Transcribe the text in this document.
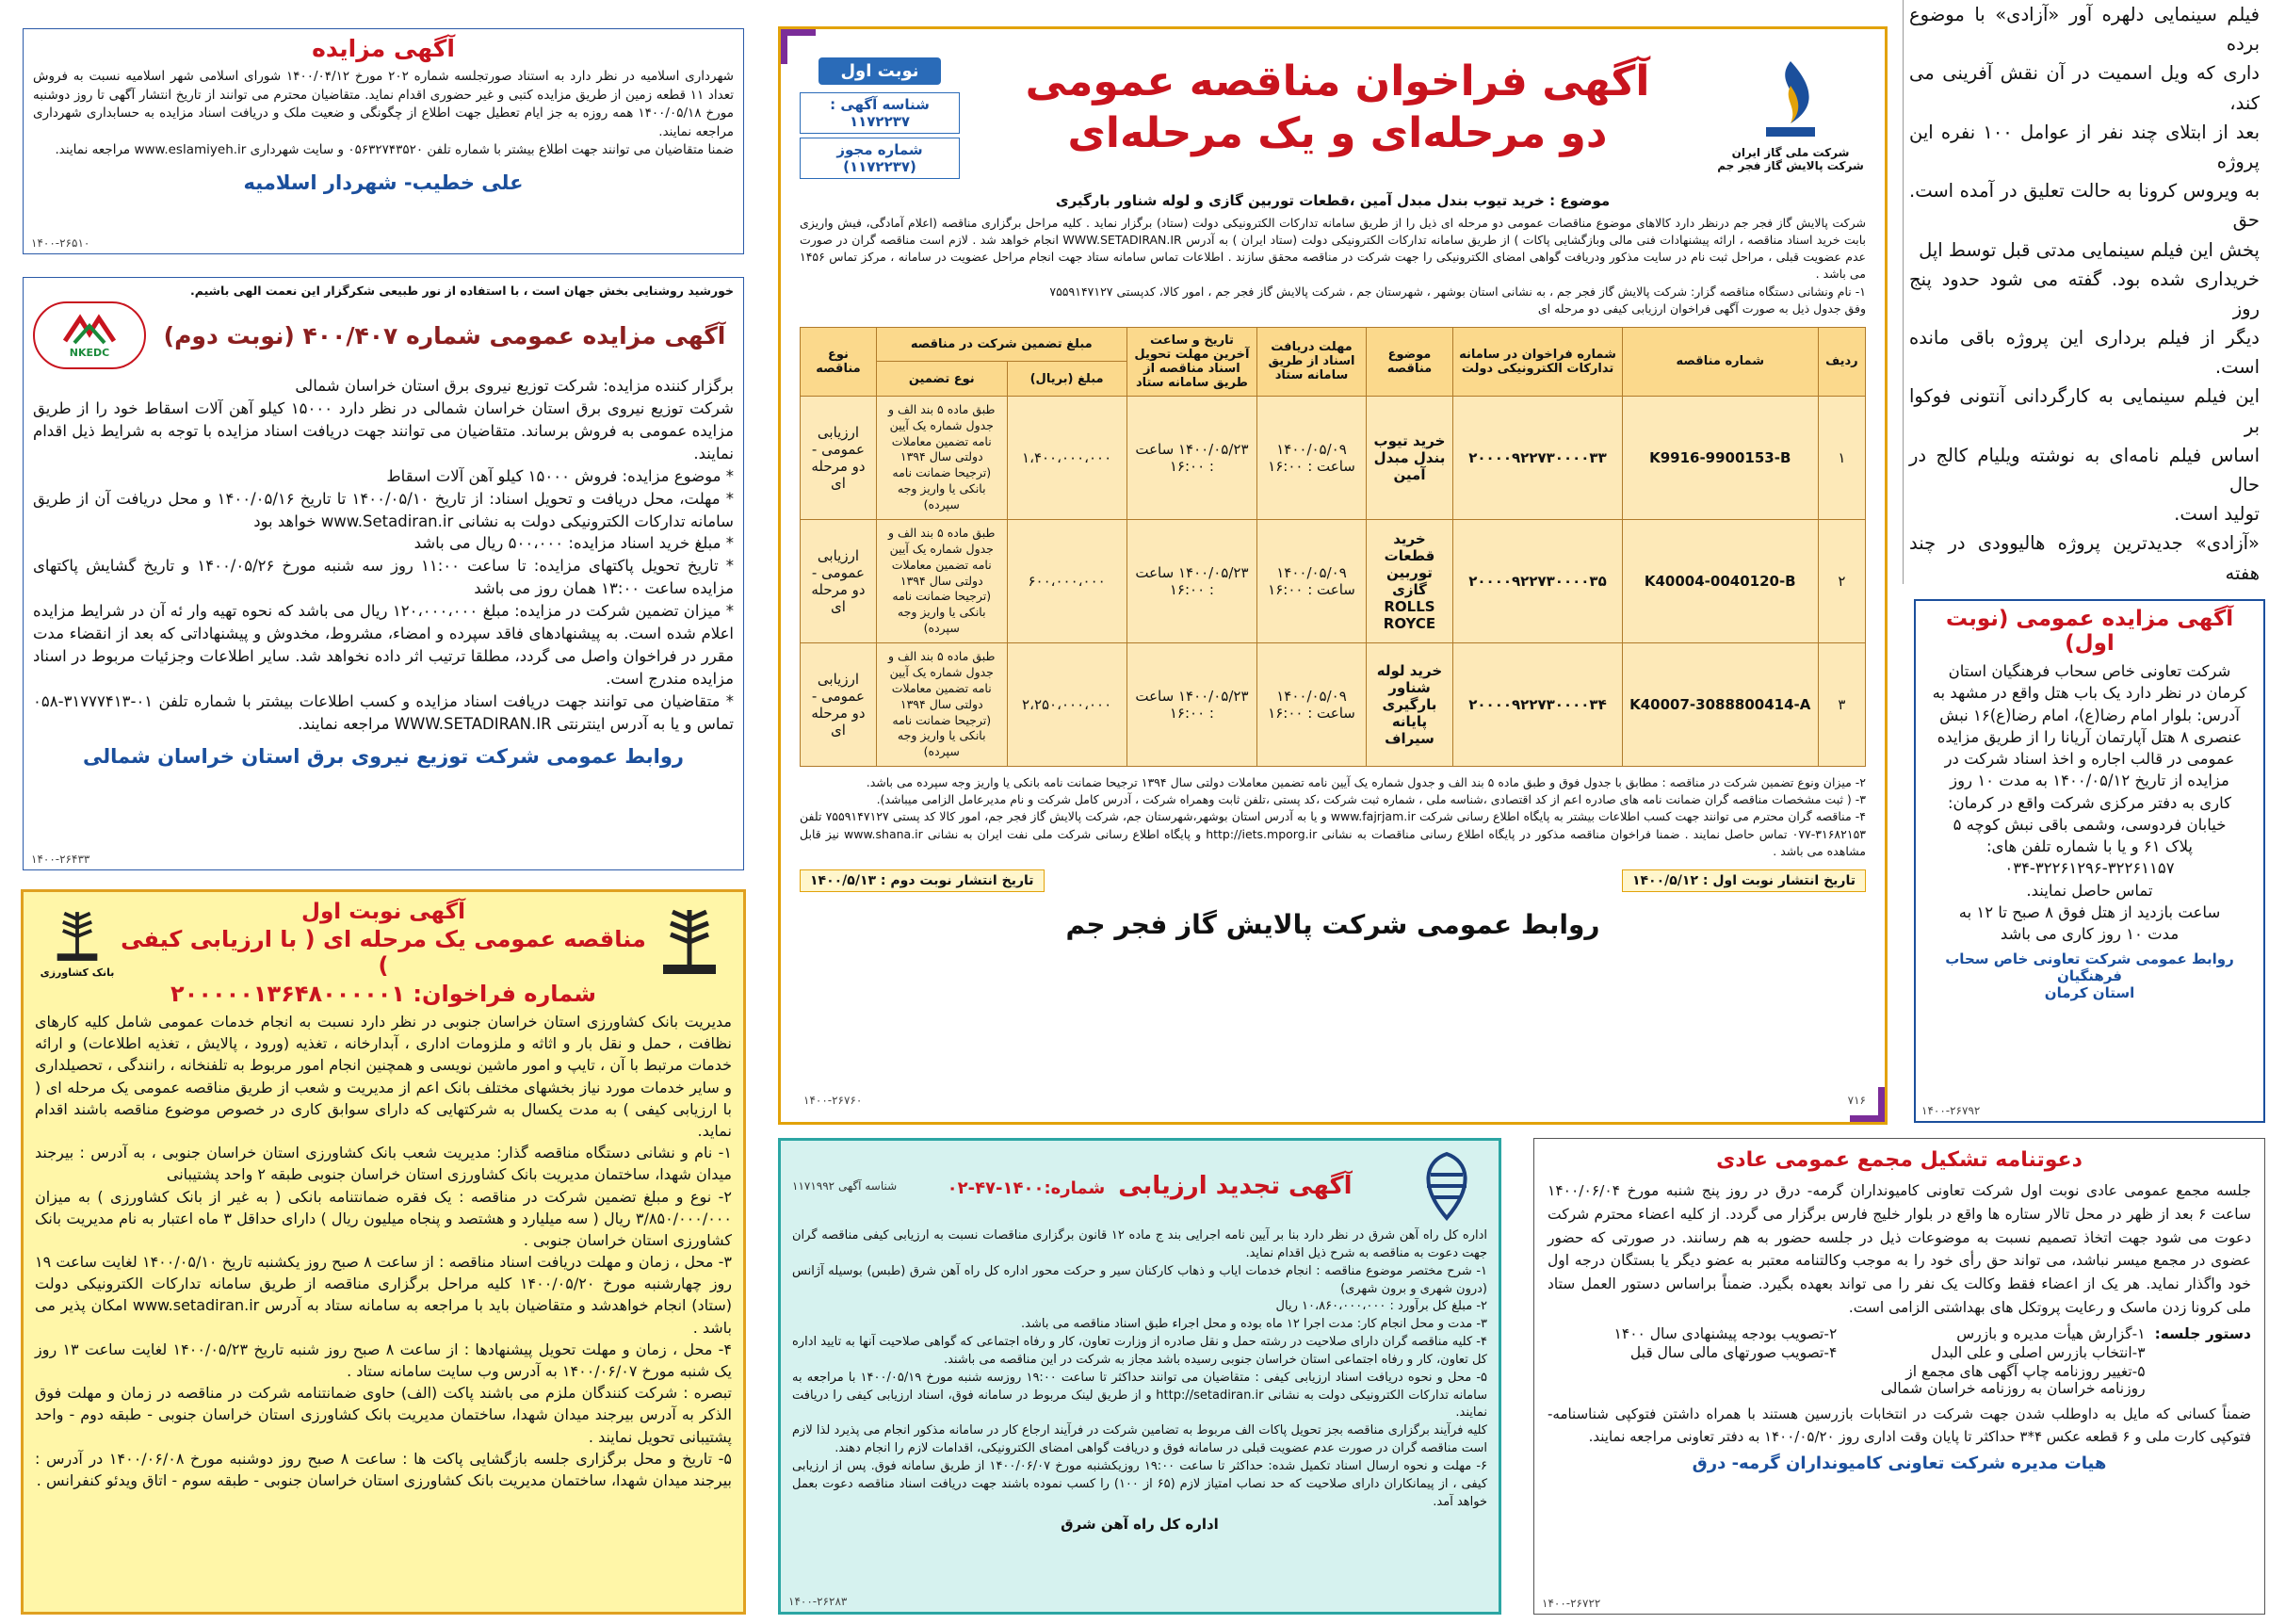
فیلم سینمایی دلهره آور «آزادی» با موضوع برده
داری که ویل اسمیت در آن نقش آفرینی می کند،
بعد از ابتلای چند نفر از عوامل ۱۰۰ نفره این پروژه
به ویروس کرونا به حالت تعلیق در آمده است. حق
پخش این فیلم سینمایی مدتی قبل توسط اپل
خریداری شده بود. گفته می شود حدود پنج روز
دیگر از فیلم برداری این پروژه باقی مانده است.
این فیلم سینمایی به کارگردانی آنتونی فوکوا بر
اساس فیلم نامه‌ای به نوشته ویلیام کالج در حال
تولید است.
«آزادی» جدیدترین پروژه هالیوودی در چند هفته
آگهی مزایده عمومی (نوبت اول)
شرکت تعاونی خاص سحاب فرهنگیان استان
کرمان در نظر دارد یک باب هتل واقع در مشهد به
آدرس: بلوار امام رضا(ع)، امام رضا(ع)۱۶ نبش
عنصری ۸ هتل آپارتمان آریانا را از طریق مزایده
عمومی در قالب اجاره و اخذ اسناد شرکت در
مزایده از تاریخ ۱۴۰۰/۰۵/۱۲ به مدت ۱۰ روز
کاری به دفتر مرکزی شرکت واقع در کرمان:
خیابان فردوسی، وشمی باقی نبش کوچه ۵
پلاک ۶۱ و یا با شماره تلفن های:
۰۳۴-۳۲۲۶۱۲۹۶-۳۲۲۶۱۱۵۷
تماس حاصل نمایند.
ساعت بازدید از هتل فوق ۸ صبح تا ۱۲ به
مدت ۱۰ روز کاری می باشد
روابط عمومی شرکت تعاونی خاص سحاب فرهنگیان
استان کرمان
۱۴۰۰-۲۶۷۹۲
آگهی مزایده

شهرداری اسلامیه در نظر دارد به استناد صورتجلسه شماره ۲۰۲ مورخ ۱۴۰۰/۰۴/۱۲ شورای اسلامی شهر اسلامیه نسبت به فروش تعداد ۱۱ قطعه زمین از طریق مزایده کتبی و غیر حضوری اقدام نماید. متقاضیان محترم می توانند از تاریخ انتشار آگهی تا روز دوشنبه مورخ ۱۴۰۰/۰۵/۱۸ همه روزه به جز ایام تعطیل جهت اطلاع از چگونگی و ضعیت ملک و دریافت اسناد مزایده به حسابداری شهرداری مراجعه نمایند.

ضمنا متقاضیان می توانند جهت اطلاع بیشتر با شماره تلفن ۰۵۶۳۲۷۴۳۵۲۰ و سایت شهرداری www.eslamiyeh.ir مراجعه نمایند.

علی خطیب- شهردار اسلامیه
۱۴۰۰-۲۶۵۱۰
خورشید روشنایی بخش جهان است ، با استفاده از نور طبیعی شکرگزار این نعمت الهی باشیم.
آگهی مزایده عمومی شماره ۴۰۰/۴۰۷ (نوبت دوم)
NKEDC

برگزار کننده مزایده: شرکت توزیع نیروی برق استان خراسان شمالی

شرکت توزیع نیروی برق استان خراسان شمالی در نظر دارد ۱۵۰۰۰ کیلو آهن آلات اسقاط خود را از طریق مزایده عمومی به فروش برساند. متقاضیان می توانند جهت دریافت اسناد مزایده با توجه به شرایط ذیل اقدام نمایند.

* موضوع مزایده: فروش ۱۵۰۰۰ کیلو آهن آلات اسقاط

* مهلت، محل دریافت و تحویل اسناد: از تاریخ ۱۴۰۰/۰۵/۱۰ تا تاریخ ۱۴۰۰/۰۵/۱۶ و محل دریافت آن از طریق سامانه تدارکات الکترونیکی دولت به نشانی www.Setadiran.ir خواهد بود

* مبلغ خرید اسناد مزایده: ۵۰۰،۰۰۰ ریال می باشد

* تاریخ تحویل پاکتهای مزایده: تا ساعت ۱۱:۰۰ روز سه شنبه مورخ ۱۴۰۰/۰۵/۲۶ و تاریخ گشایش پاکتهای مزایده ساعت ۱۳:۰۰ همان روز می باشد

* میزان تضمین شرکت در مزایده: مبلغ ۱۲۰،۰۰۰،۰۰۰ ریال می باشد که نحوه تهیه وار ئه آن در شرایط مزایده اعلام شده است. به پیشنهادهای فاقد سپرده و امضاء، مشروط، مخدوش و پیشنهاداتی که بعد از انقضاء مدت مقرر در فراخوان واصل می گردد، مطلقا ترتیب اثر داده نخواهد شد. سایر اطلاعات وجزئیات مربوط در اسناد مزایده مندرج است.

* متقاضیان می توانند جهت دریافت اسناد مزایده و کسب اطلاعات بیشتر با شماره تلفن ۰۱-۳۱۷۷۷۴۱۳-۰۵۸ تماس و یا به آدرس اینترنتی WWW.SETADIRAN.IR مراجعه نمایند.

روابط عمومی شرکت توزیع نیروی برق استان خراسان شمالی
۱۴۰۰-۲۶۴۳۳
آگهی نوبت اول
مناقصه عمومی یک مرحله ای ( با ارزیابی کیفی )
شماره فراخوان: ۲۰۰۰۰۰۱۳۶۴۸۰۰۰۰۰۱
بانک کشاورزی

مدیریت بانک کشاورزی استان خراسان جنوبی در نظر دارد نسبت به انجام خدمات عمومی شامل کلیه کارهای نظافت ، حمل و نقل بار و اثاثه و ملزومات اداری ، آبدارخانه ، تغذیه (ورود ، پالایش ، تغذیه اطلاعات) و ارائه خدمات مرتبط با آن ، تایپ و امور ماشین نویسی و همچنین انجام امور مربوط به تلفنخانه ، رانندگی ، تحصیلداری و سایر خدمات مورد نیاز بخشهای مختلف بانک اعم از مدیریت و شعب از طریق مناقصه عمومی یک مرحله ای ( با ارزیابی کیفی ) به مدت یکسال به شرکتهایی که دارای سوابق کاری در خصوص موضوع مناقصه باشند اقدام نماید.

۱- نام و نشانی دستگاه مناقصه گذار: مدیریت شعب بانک کشاورزی استان خراسان جنوبی ، به آدرس : بیرجند میدان شهدا، ساختمان مدیریت بانک کشاورزی استان خراسان جنوبی طبقه ۲ واحد پشتیبانی

۲- نوع و مبلغ تضمین شرکت در مناقصه : یک فقره ضمانتنامه بانکی ( به غیر از بانک کشاورزی ) به میزان ۳/۸۵۰/۰۰۰/۰۰۰ ریال ( سه میلیارد و هشتصد و پنجاه میلیون ریال ) دارای حداقل ۳ ماه اعتبار به نام مدیریت بانک کشاورزی استان خراسان جنوبی .

۳- محل ، زمان و مهلت دریافت اسناد مناقصه : از ساعت ۸ صبح روز یکشنبه تاریخ ۱۴۰۰/۰۵/۱۰ لغایت ساعت ۱۹ روز چهارشنبه مورخ ۱۴۰۰/۰۵/۲۰ کلیه مراحل برگزاری مناقصه از طریق سامانه تدارکات الکترونیکی دولت (ستاد) انجام خواهدشد و متقاضیان باید با مراجعه به سامانه ستاد به آدرس www.setadiran.ir امکان پذیر می باشد .

۴- محل ، زمان و مهلت تحویل پیشنهادها : از ساعت ۸ صبح روز شنبه تاریخ ۱۴۰۰/۰۵/۲۳ لغایت ساعت ۱۳ روز یک شنبه مورخ ۱۴۰۰/۰۶/۰۷ به آدرس وب سایت سامانه ستاد .

تبصره : شرکت کنندگان ملزم می باشند پاکت (الف) حاوی ضمانتنامه شرکت در مناقصه در زمان و مهلت فوق الذکر به آدرس بیرجند میدان شهدا، ساختمان مدیریت بانک کشاورزی استان خراسان جنوبی - طبقه دوم - واحد پشتیبانی تحویل نمایند .

۵- تاریخ و محل برگزاری جلسه بازگشایی پاکت ها : ساعت ۸ صبح روز دوشنبه مورخ ۱۴۰۰/۰۶/۰۸ در آدرس : بیرجند میدان شهدا، ساختمان مدیریت بانک کشاورزی استان خراسان جنوبی - طبقه سوم - اتاق ویدئو کنفرانس .

شرکت ملی گاز ایران
شرکت پالایش گاز فجر جم
آگهی فراخوان مناقصه عمومی
دو مرحله‌ای و یک مرحله‌ای
نوبت اول
شناسه آگهی : ۱۱۷۲۲۳۷
شماره مجوز (۱۱۷۲۲۳۷)
موضوع : خرید تیوب بندل مبدل آمین ،قطعات توربین گازی و لوله شناور بارگیری

شرکت پالایش گاز فجر جم درنظر دارد کالاهای موضوع مناقصات عمومی دو مرحله ای ذیل را از طریق سامانه تدارکات الکترونیکی دولت (ستاد) برگزار نماید . کلیه مراحل برگزاری مناقصه (اعلام آمادگی، فیش واریزی بابت خرید اسناد مناقصه ، ارائه پیشنهادات فنی مالی وبازگشایی پاکات ) از طریق سامانه تدارکات الکترونیکی دولت (ستاد ایران ) به آدرس WWW.SETADIRAN.IR انجام خواهد شد . لازم است مناقصه گران در صورت عدم عضویت قبلی ، مراحل ثبت نام در سایت مذکور ودریافت گواهی امضای الکترونیکی را جهت شرکت در مناقصه محقق سازند . اطلاعات تماس سامانه ستاد جهت انجام مراحل عضویت در سامانه ، مرکز تماس ۱۴۵۶ می باشد .

۱- نام ونشانی دستگاه مناقصه گزار: شرکت پالایش گاز فجر جم ، به نشانی استان بوشهر ، شهرستان جم ، شرکت پالایش گاز فجر جم ، امور کالا، کدپستی ۷۵۵۹۱۴۷۱۲۷

وفق جدول ذیل به صورت آگهی فراخوان ارزیابی کیفی دو مرحله ای

ردیف	شماره مناقصه	شماره فراخوان در سامانه تدارکات الکترونیکی دولت	موضوع مناقصه	مهلت دریافت اسناد از طریق سامانه ستاد	تاریخ و ساعت آخرین مهلت تحویل اسناد مناقصه از طریق سامانه ستاد	مبلغ تضمین شرکت در مناقصه		نوع مناقصه
						مبلغ (بریال)	نوع تضمین	
۱	K9916-9900153-B	۲۰۰۰۰۹۲۲۷۳۰۰۰۰۳۳	خرید تیوب بندل مبدل آمین	۱۴۰۰/۰۵/۰۹ ساعت : ۱۶:۰۰	۱۴۰۰/۰۵/۲۳ ساعت : ۱۶:۰۰	۱،۴۰۰،۰۰۰،۰۰۰	طبق ماده ۵ بند الف و جدول شماره یک آیین نامه تضمین معاملات دولتی سال ۱۳۹۴ (ترجیحا ضمانت نامه بانکی یا واریز وجه سپرده)	ارزیابی عمومی - دو مرحله ای
۲	K40004-0040120-B	۲۰۰۰۰۹۲۲۷۳۰۰۰۰۳۵	خرید قطعات توربین گازی ROLLS ROYCE	۱۴۰۰/۰۵/۰۹ ساعت : ۱۶:۰۰	۱۴۰۰/۰۵/۲۳ ساعت : ۱۶:۰۰	۶۰۰،۰۰۰،۰۰۰	طبق ماده ۵ بند الف و جدول شماره یک آیین نامه تضمین معاملات دولتی سال ۱۳۹۴ (ترجیحا ضمانت نامه بانکی یا واریز وجه سپرده)	ارزیابی عمومی - دو مرحله ای
۳	K40007-3088800414-A	۲۰۰۰۰۹۲۲۷۳۰۰۰۰۳۴	خرید لوله شناور بارگیری پایانه سیراف	۱۴۰۰/۰۵/۰۹ ساعت : ۱۶:۰۰	۱۴۰۰/۰۵/۲۳ ساعت : ۱۶:۰۰	۲،۲۵۰،۰۰۰،۰۰۰	طبق ماده ۵ بند الف و جدول شماره یک آیین نامه تضمین معاملات دولتی سال ۱۳۹۴ (ترجیحا ضمانت نامه بانکی یا واریز وجه سپرده)	ارزیابی عمومی - دو مرحله ای

۲- میزان ونوع تضمین شرکت در مناقصه : مطابق با جدول فوق و طبق ماده ۵ بند الف و جدول شماره یک آیین نامه تضمین معاملات دولتی سال ۱۳۹۴ ترجیحا ضمانت نامه بانکی یا واریز وجه سپرده می باشد.

۳- ( ثبت مشخصات مناقصه گران ضمانت نامه های صادره اعم از کد اقتصادی ،شناسه ملی ، شماره ثبت شرکت ،کد پستی ،تلفن ثابت وهمراه شرکت ، آدرس کامل شرکت و نام مدیرعامل الزامی میباشد).

۴- مناقصه گران محترم می توانند جهت کسب اطلاعات بیشتر به پایگاه اطلاع رسانی شرکت www.fajrjam.ir و یا به آدرس استان بوشهر،شهرستان جم، شرکت پالایش گاز فجر جم، امور کالا کد پستی ۷۵۵۹۱۴۷۱۲۷ تلفن ۳۱۶۸۲۱۵۳-۰۷۷ تماس حاصل نمایند . ضمنا فراخوان مناقصه مذکور در پایگاه اطلاع رسانی مناقصات به نشانی http://iets.mporg.ir و پایگاه اطلاع رسانی شرکت ملی نفت ایران به نشانی www.shana.ir نیز قابل مشاهده می باشد .

تاریخ انتشار نوبت اول : ۱۴۰۰/۵/۱۲
تاریخ انتشار نوبت دوم : ۱۴۰۰/۵/۱۳
روابط عمومی شرکت پالایش گاز فجر جم
۷۱۶
۱۴۰۰-۲۶۷۶۰
آگهی تجدید ارزیابی
شماره:۱۴۰۰-۴۷-۰۲
شناسه آگهی ۱۱۷۱۹۹۲

اداره کل راه آهن شرق در نظر دارد بنا بر آیین نامه اجرایی بند ج ماده ۱۲ قانون برگزاری مناقصات نسبت به ارزیابی کیفی مناقصه گران جهت دعوت به مناقصه به شرح ذیل اقدام نماید.

۱- شرح مختصر موضوع مناقصه : انجام خدمات ایاب و ذهاب کارکنان سیر و حرکت محور اداره کل راه آهن شرق (طبس) بوسیله آژانس (درون شهری و برون شهری)

۲- مبلغ کل برآورد : ۱۰،۸۶۰،۰۰۰،۰۰۰ ریال

۳- مدت و محل انجام کار: مدت اجرا ۱۲ ماه بوده و محل اجراء طبق اسناد مناقصه می باشد.

۴- کلیه مناقصه گران دارای صلاحیت در رشته حمل و نقل صادره از وزارت تعاون، کار و رفاه اجتماعی که گواهی صلاحیت آنها به تایید اداره کل تعاون، کار و رفاه اجتماعی استان خراسان جنوبی رسیده باشد مجاز به شرکت در این مناقصه می باشند.

۵- محل و نحوه دریافت اسناد ارزیابی کیفی : متقاضیان می توانند حداکثر تا ساعت ۱۹:۰۰ روزسه شنبه مورخ ۱۴۰۰/۰۵/۱۹ با مراجعه به سامانه تدارکات الکترونیکی دولت به نشانی http://setadiran.ir و از طریق لینک مربوط در سامانه فوق، اسناد ارزیابی کیفی را دریافت نمایند.

کلیه فرآیند برگزاری مناقصه بجز تحویل پاکات الف مربوط به تضامین شرکت در فرآیند ارجاع کار در سامانه مذکور انجام می پذیرد لذا لازم است مناقصه گران در صورت عدم عضویت قبلی در سامانه فوق و دریافت گواهی امضای الکترونیکی، اقدامات لازم را انجام دهند.

۶- مهلت و نحوه ارسال اسناد تکمیل شده: حداکثر تا ساعت ۱۹:۰۰ روزیکشنبه مورخ ۱۴۰۰/۰۶/۰۷ از طریق سامانه فوق. پس از ارزیابی کیفی ، از پیمانکاران دارای صلاحیت که حد نصاب امتیاز لازم (۶۵ از ۱۰۰) را کسب نموده باشند جهت دریافت اسناد مناقصه دعوت بعمل خواهد آمد.

اداره کل راه آهن شرق
۱۴۰۰-۲۶۲۸۳
دعوتنامه تشکیل مجمع عمومی عادی

جلسه مجمع عمومی عادی نوبت اول شرکت تعاونی کامیونداران گرمه- درق در روز پنج شنبه مورخ ۱۴۰۰/۰۶/۰۴ ساعت ۶ بعد از ظهر در محل تالار ستاره ها واقع در بلوار خلیج فارس برگزار می گردد. از کلیه اعضاء محترم شرکت دعوت می شود جهت اتخاذ تصمیم نسبت به موضوعات ذیل در جلسه حضور به هم رسانند. در صورتی که حضور عضوی در مجمع میسر نباشد، می تواند حق رأی خود را به موجب وکالتنامه معتبر به عضو دیگر یا بستگان درجه اول خود واگذار نماید. هر یک از اعضاء فقط وکالت یک نفر را می تواند بعهده بگیرد. ضمناً براساس دستور العمل ستاد ملی کرونا زدن ماسک و رعایت پروتکل های بهداشتی الزامی است.

دستور جلسه:
۱-گزارش هیأت مدیره و بازرس
۲-تصویب بودجه پیشنهادی سال ۱۴۰۰
۳-انتخاب بازرس اصلی و علی البدل
۴-تصویب صورتهای مالی سال قبل
۵-تغییر روزنامه چاپ آگهی های مجمع از روزنامه خراسان به روزنامه خراسان شمالی

ضمناً کسانی که مایل به داوطلب شدن جهت شرکت در انتخابات بازرسین هستند با همراه داشتن فتوکپی شناسنامه- فتوکپی کارت ملی و ۶ قطعه عکس ۴*۳ حداکثر تا پایان وقت اداری روز ۱۴۰۰/۰۵/۲۰ به دفتر تعاونی مراجعه نمایند.

هیات مدیره شرکت تعاونی کامیونداران گرمه- درق
۱۴۰۰-۲۶۷۲۲
